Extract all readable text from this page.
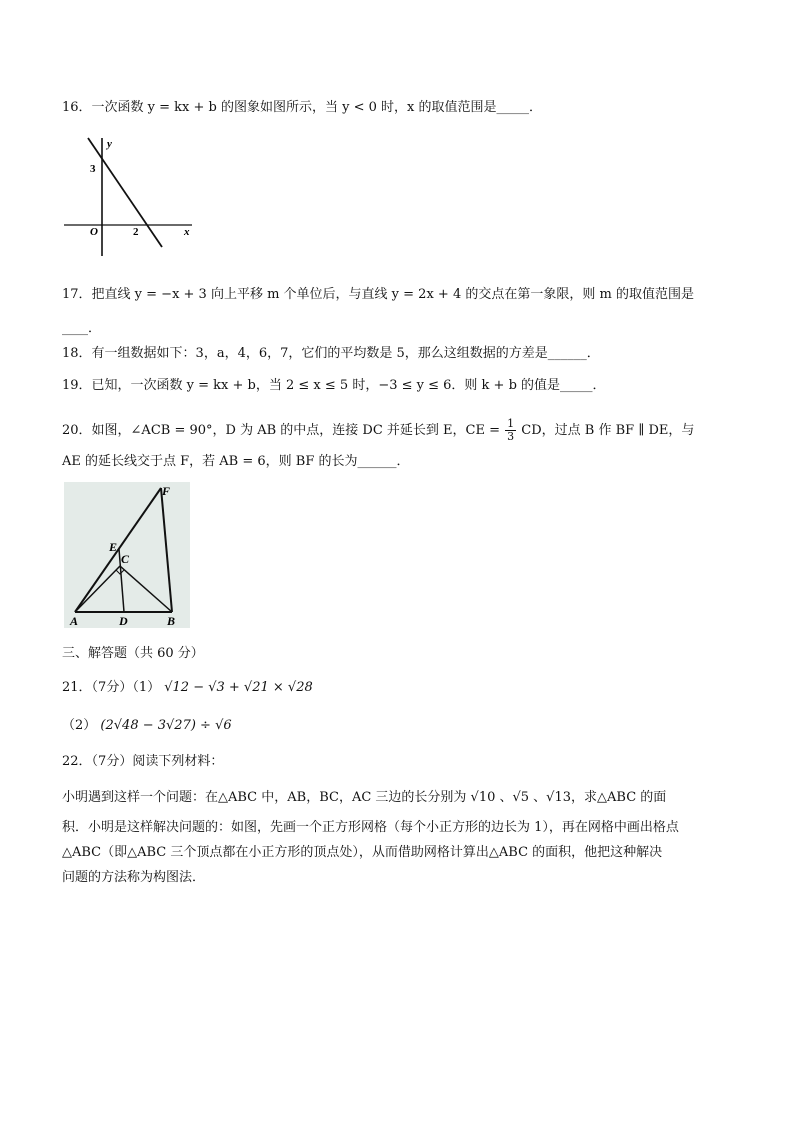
16．一次函数 y = kx + b 的图象如图所示，当 y < 0 时，x 的取值范围是_____．
y
3
O	2	x
17．把直线 y = −x + 3 向上平移 m 个单位后，与直线 y = 2x + 4 的交点在第一象限，则 m 的取值范围是
____．
18．有一组数据如下：3，a，4，6，7，它们的平均数是 5，那么这组数据的方差是______．
19．已知，一次函数 y = kx + b，当 2 ≤ x ≤ 5 时，−3 ≤ y ≤ 6．则 k + b 的值是_____．
20．如图，∠ACB = 90°，D 为 AB 的中点，连接 DC 并延长到 E，CE = $\frac{1}{3}$ CD，过点 B 作 BF ∥ DE，与
AE 的延长线交于点 F，若 AB = 6，则 BF 的长为______．
F
E
C
A	D	B
三、解答题（共 60 分）
21．（7分）（1） √12 − √3 + √21 × √28
（2） (2√48 − 3√27) ÷ √6
22．（7分）阅读下列材料：
小明遇到这样一个问题：在△ABC 中，AB，BC，AC 三边的长分别为 √10 、√5 、√13，求△ABC 的面
积．小明是这样解决问题的：如图，先画一个正方形网格（每个小正方形的边长为 1），再在网格中画出格点
△ABC（即△ABC 三个顶点都在小正方形的顶点处），从而借助网格计算出△ABC 的面积，他把这种解决
问题的方法称为构图法．
